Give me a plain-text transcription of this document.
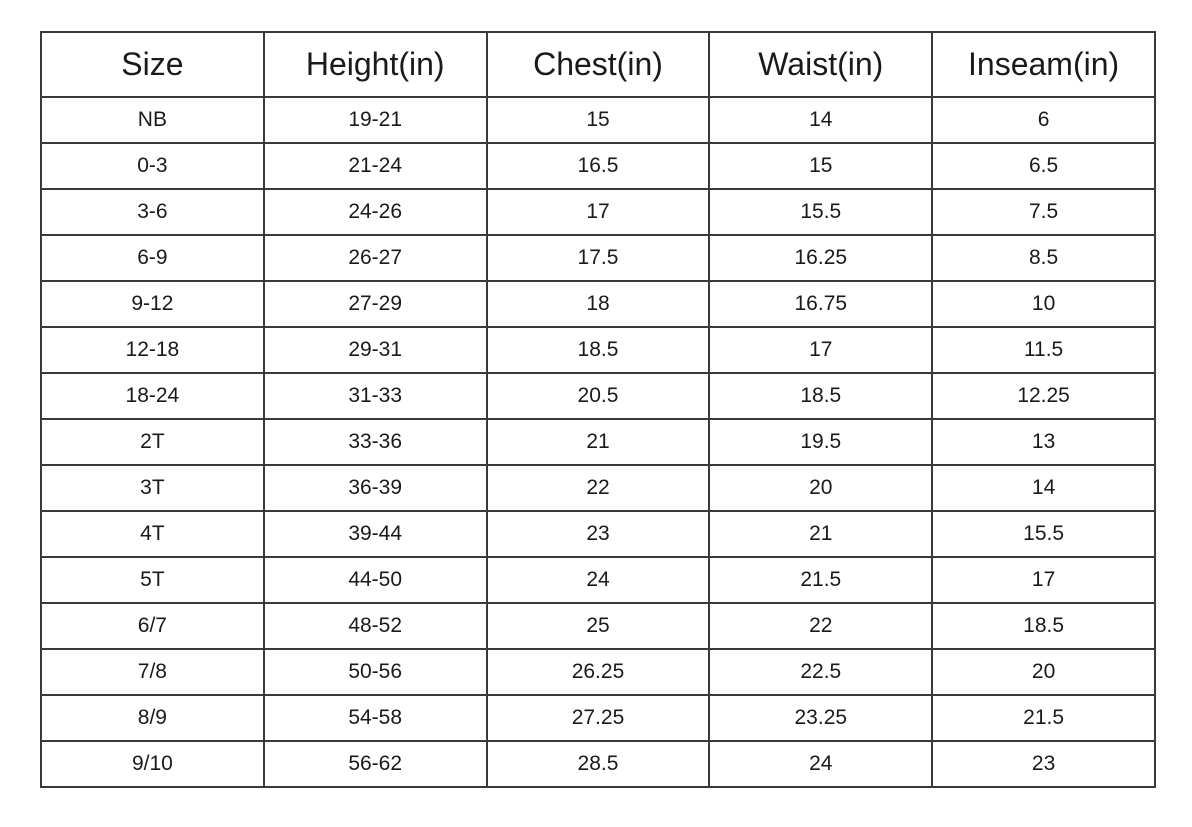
Size	Height(in)	Chest(in)	Waist(in)	Inseam(in)
NB	19-21	15	14	6
0-3	21-24	16.5	15	6.5
3-6	24-26	17	15.5	7.5
6-9	26-27	17.5	16.25	8.5
9-12	27-29	18	16.75	10
12-18	29-31	18.5	17	11.5
18-24	31-33	20.5	18.5	12.25
2T	33-36	21	19.5	13
3T	36-39	22	20	14
4T	39-44	23	21	15.5
5T	44-50	24	21.5	17
6/7	48-52	25	22	18.5
7/8	50-56	26.25	22.5	20
8/9	54-58	27.25	23.25	21.5
9/10	56-62	28.5	24	23
